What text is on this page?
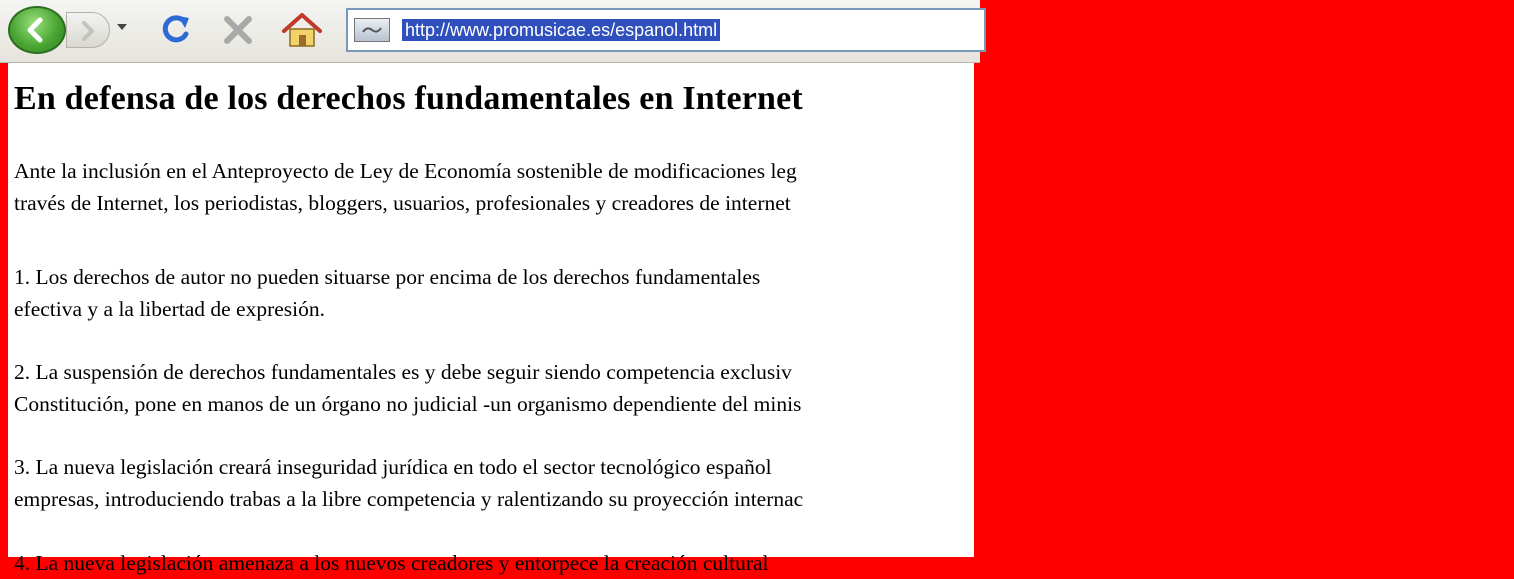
http://www.promusicae.es/espanol.html
En defensa de los derechos fundamentales en Internet
Ante la inclusión en el Anteproyecto de Ley de Economía sostenible de modificaciones leg
través de Internet, los periodistas, bloggers, usuarios, profesionales y creadores de internet
1. Los derechos de autor no pueden situarse por encima de los derechos fundamentales
efectiva y a la libertad de expresión.
2. La suspensión de derechos fundamentales es y debe seguir siendo competencia exclusiv
Constitución, pone en manos de un órgano no judicial -un organismo dependiente del minis
3. La nueva legislación creará inseguridad jurídica en todo el sector tecnológico español
empresas, introduciendo trabas a la libre competencia y ralentizando su proyección internac
4. La nueva legislación amenaza a los nuevos creadores y entorpece la creación cultural
